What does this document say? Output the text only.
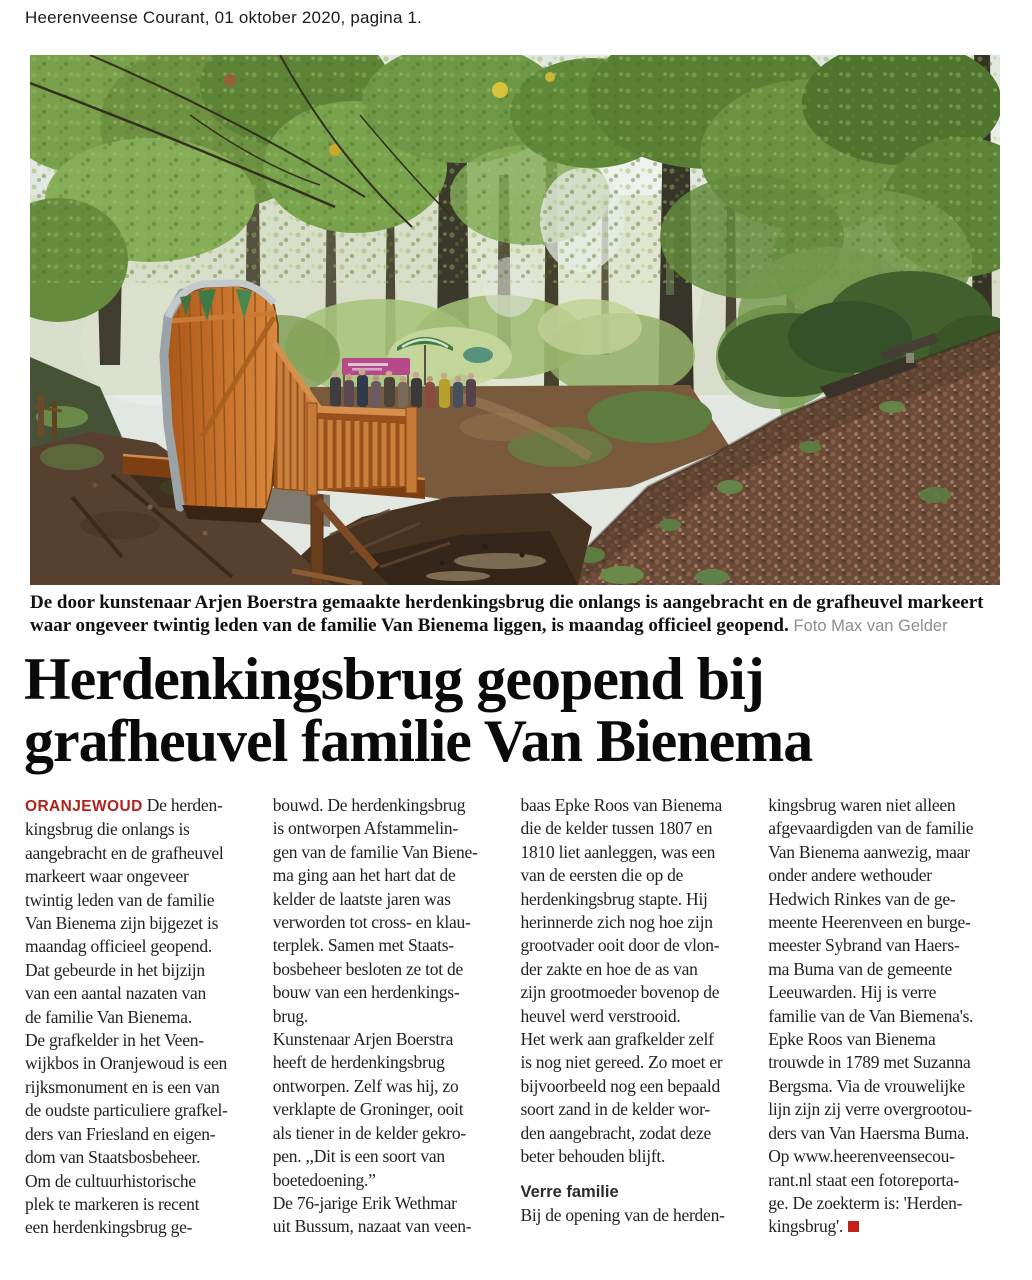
Heerenveense Courant, 01 oktober 2020, pagina 1.
De door kunstenaar Arjen Boerstra gemaakte herdenkingsbrug die onlangs is aangebracht en de grafheuvel markeert waar ongeveer twintig leden van de familie Van Bienema liggen, is maandag officieel geopend. Foto Max van Gelder
Herdenkingsbrug geopend bij
grafheuvel familie Van Bienema
ORANJEWOUD De herden-
kingsbrug die onlangs is
aangebracht en de grafheuvel
markeert waar ongeveer
twintig leden van de familie
Van Bienema zijn bijgezet is
maandag officieel geopend.
Dat gebeurde in het bijzijn
van een aantal nazaten van
de familie Van Bienema.
De grafkelder in het Veen-
wijkbos in Oranjewoud is een
rijksmonument en is een van
de oudste particuliere grafkel-
ders van Friesland en eigen-
dom van Staatsbosbeheer.
Om de cultuurhistorische
plek te markeren is recent
een herdenkingsbrug ge-
bouwd. De herdenkingsbrug
is ontworpen Afstammelin-
gen van de familie Van Biene-
ma ging aan het hart dat de
kelder de laatste jaren was
verworden tot cross- en klau-
terplek. Samen met Staats-
bosbeheer besloten ze tot de
bouw van een herdenkings-
brug.
Kunstenaar Arjen Boerstra
heeft de herdenkingsbrug
ontworpen. Zelf was hij, zo
verklapte de Groninger, ooit
als tiener in de kelder gekro-
pen. ,,Dit is een soort van
boetedoening.”
De 76-jarige Erik Wethmar
uit Bussum, nazaat van veen-
baas Epke Roos van Bienema
die de kelder tussen 1807 en
1810 liet aanleggen, was een
van de eersten die op de
herdenkingsbrug stapte. Hij
herinnerde zich nog hoe zijn
grootvader ooit door de vlon-
der zakte en hoe de as van
zijn grootmoeder bovenop de
heuvel werd verstrooid.
Het werk aan grafkelder zelf
is nog niet gereed. Zo moet er
bijvoorbeeld nog een bepaald
soort zand in de kelder wor-
den aangebracht, zodat deze
beter behouden blijft.
Verre familie
Bij de opening van de herden-
kingsbrug waren niet alleen
afgevaardigden van de familie
Van Bienema aanwezig, maar
onder andere wethouder
Hedwich Rinkes van de ge-
meente Heerenveen en burge-
meester Sybrand van Haers-
ma Buma van de gemeente
Leeuwarden. Hij is verre
familie van de Van Biemena's.
Epke Roos van Bienema
trouwde in 1789 met Suzanna
Bergsma. Via de vrouwelijke
lijn zijn zij verre overgrootou-
ders van Van Haersma Buma.
Op www.heerenveensecou-
rant.nl staat een fotoreporta-
ge. De zoekterm is: 'Herden-
kingsbrug'.
